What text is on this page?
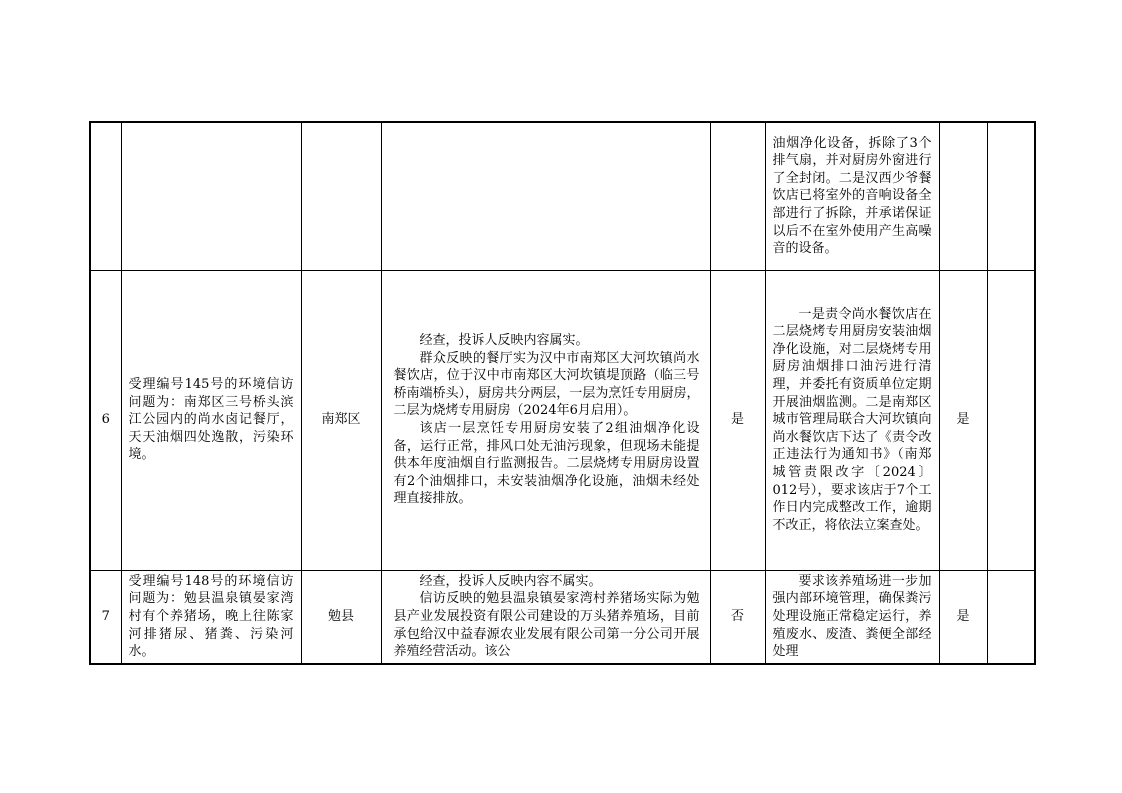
					油烟净化设备，拆除了3个排气扇，并对厨房外窗进行了全封闭。二是汉西少爷餐饮店已将室外的音响设备全部进行了拆除，并承诺保证以后不在室外使用产生高噪音的设备。		

6	受理编号145号的环境信访问题为：南郑区三号桥头滨江公园内的尚水卤记餐厅，天天油烟四处逸散，污染环境。	南郑区	经查，投诉人反映内容属实。
群众反映的餐厅实为汉中市南郑区大河坎镇尚水餐饮店，位于汉中市南郑区大河坎镇堤顶路（临三号桥南端桥头），厨房共分两层，一层为烹饪专用厨房，二层为烧烤专用厨房（2024年6月启用）。
该店一层烹饪专用厨房安装了2组油烟净化设备，运行正常，排风口处无油污现象，但现场未能提供本年度油烟自行监测报告。二层烧烤专用厨房设置有2个油烟排口，未安装油烟净化设施，油烟未经处理直接排放。	是	一是责令尚水餐饮店在二层烧烤专用厨房安装油烟净化设施，对二层烧烤专用厨房油烟排口油污进行清理，并委托有资质单位定期开展油烟监测。二是南郑区城市管理局联合大河坎镇向尚水餐饮店下达了《责令改正违法行为通知书》（南郑城管责限改字〔2024〕012号），要求该店于7个工作日内完成整改工作，逾期不改正，将依法立案查处。	是	
7	受理编号148号的环境信访问题为：勉县温泉镇晏家湾村有个养猪场，晚上往陈家河排猪尿、猪粪、污染河水。	勉县	经查，投诉人反映内容不属实。
信访反映的勉县温泉镇晏家湾村养猪场实际为勉县产业发展投资有限公司建设的万头猪养殖场，目前承包给汉中益春源农业发展有限公司第一分公司开展养殖经营活动。该公	否	要求该养殖场进一步加强内部环境管理，确保粪污处理设施正常稳定运行，养殖废水、废渣、粪便全部经处理	是	
